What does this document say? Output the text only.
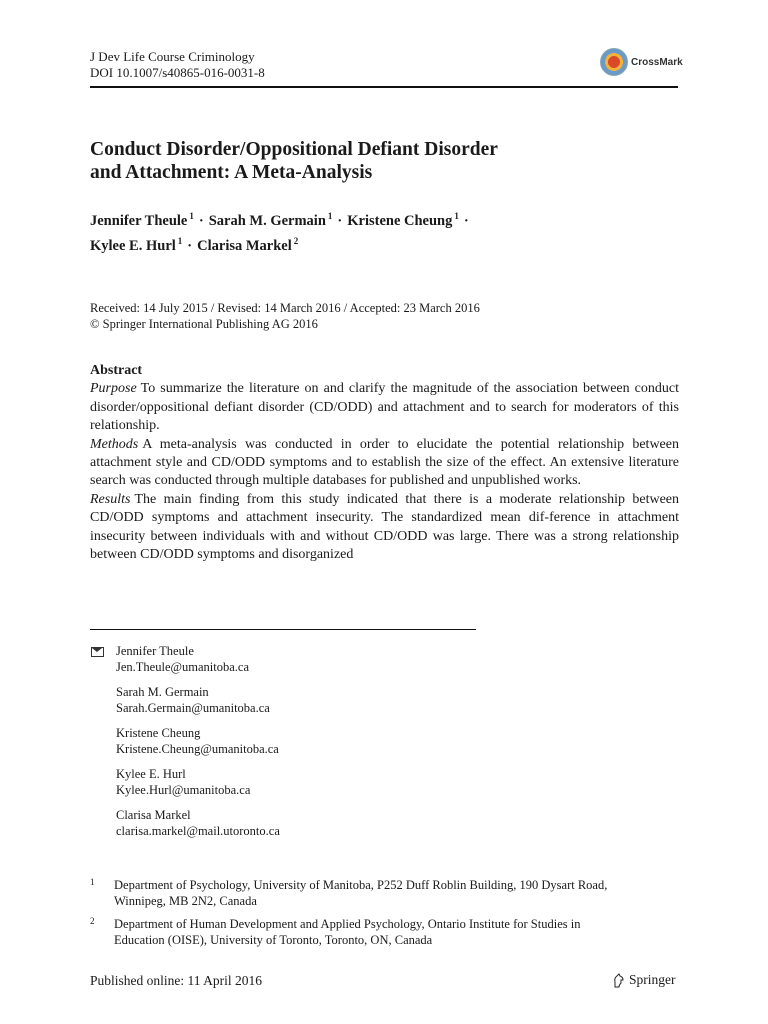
J Dev Life Course Criminology
DOI 10.1007/s40865-016-0031-8
CrossMark
Conduct Disorder/Oppositional Defiant Disorder
and Attachment: A Meta-Analysis
Jennifer Theule $^1$ · Sarah M. Germain $^1$ · Kristene Cheung $^1$ ·
Kylee E. Hurl $^1$ · Clarisa Markel $^2$
Received: 14 July 2015 / Revised: 14 March 2016 / Accepted: 23 March 2016
© Springer International Publishing AG 2016
Abstract

Purpose To summarize the literature on and clarify the magnitude of the association between conduct disorder/oppositional defiant disorder (CD/ODD) and attachment and to search for moderators of this relationship.

Methods A meta-analysis was conducted in order to elucidate the potential relationship between attachment style and CD/ODD symptoms and to establish the size of the effect. An extensive literature search was conducted through multiple databases for published and unpublished works.

Results The main finding from this study indicated that there is a moderate relationship between CD/ODD symptoms and attachment insecurity. The standardized mean dif-ference in attachment insecurity between individuals with and without CD/ODD was large. There was a strong relationship between CD/ODD symptoms and disorganized

Jennifer Theule
Jen.Theule@umanitoba.ca
Sarah M. Germain
Sarah.Germain@umanitoba.ca
Kristene Cheung
Kristene.Cheung@umanitoba.ca
Kylee E. Hurl
Kylee.Hurl@umanitoba.ca
Clarisa Markel
clarisa.markel@mail.utoronto.ca
1 Department of Psychology, University of Manitoba, P252 Duff Roblin Building, 190 Dysart Road,
Winnipeg, MB 2N2, Canada
2 Department of Human Development and Applied Psychology, Ontario Institute for Studies in
Education (OISE), University of Toronto, Toronto, ON, Canada
Published online: 11 April 2016	Springer
